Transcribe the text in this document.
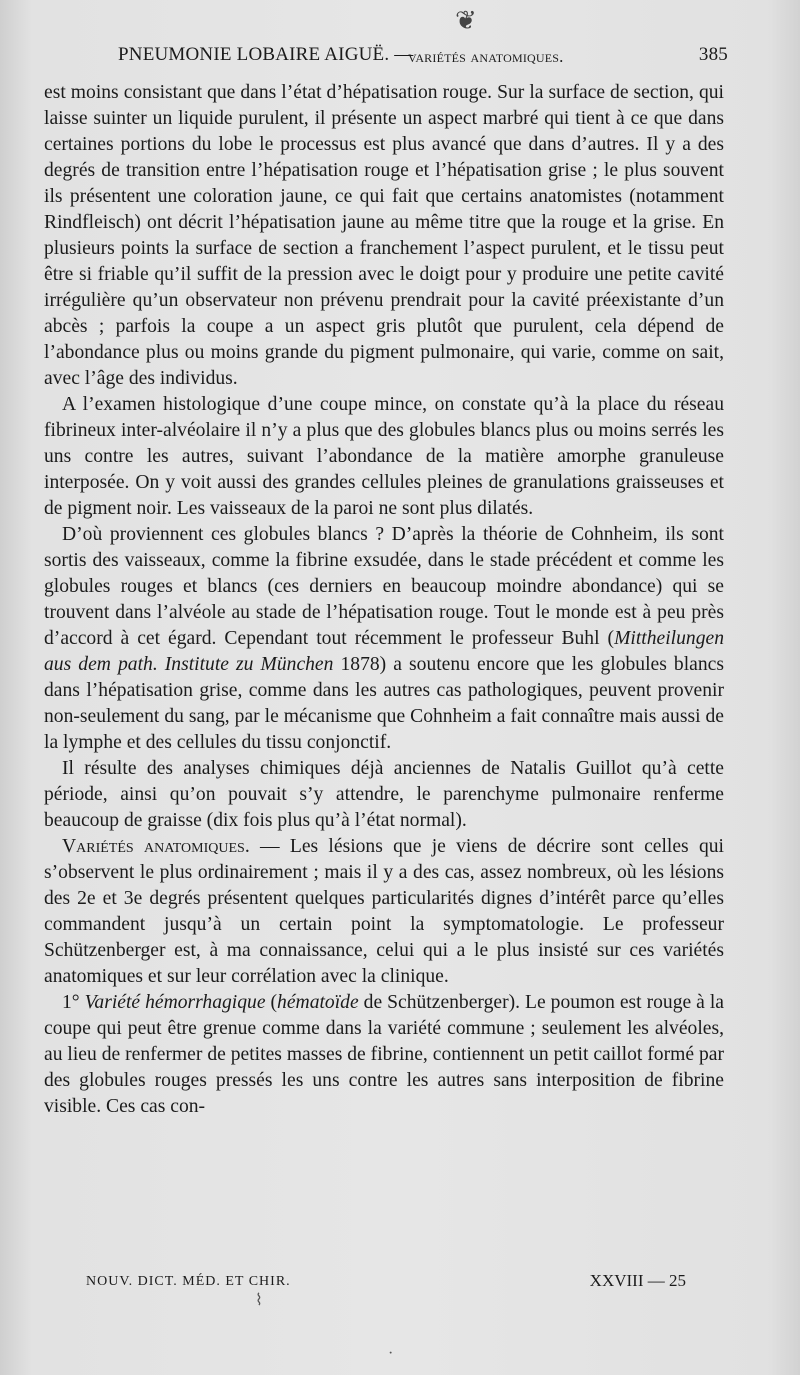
❦
PNEUMONIE LOBAIRE AIGUË. —
variétés anatomiques.	385

est moins consistant que dans l’état d’hépatisation rouge. Sur la surface de section, qui laisse suinter un liquide purulent, il présente un aspect marbré qui tient à ce que dans certaines portions du lobe le processus est plus avancé que dans d’autres. Il y a des degrés de transition entre l’hépatisation rouge et l’hépatisation grise ; le plus souvent ils présentent une coloration jaune, ce qui fait que certains anatomistes (notamment Rindfleisch) ont décrit l’hépatisation jaune au même titre que la rouge et la grise. En plusieurs points la surface de section a franchement l’aspect purulent, et le tissu peut être si friable qu’il suffit de la pression avec le doigt pour y produire une petite cavité irrégulière qu’un observateur non prévenu prendrait pour la cavité préexistante d’un abcès ; parfois la coupe a un aspect gris plutôt que purulent, cela dépend de l’abondance plus ou moins grande du pigment pulmonaire, qui varie, comme on sait, avec l’âge des individus.

A l’examen histologique d’une coupe mince, on constate qu’à la place du réseau fibrineux inter-alvéolaire il n’y a plus que des globules blancs plus ou moins serrés les uns contre les autres, suivant l’abondance de la matière amorphe granuleuse interposée. On y voit aussi des grandes cellules pleines de granulations graisseuses et de pigment noir. Les vaisseaux de la paroi ne sont plus dilatés.

D’où proviennent ces globules blancs ? D’après la théorie de Cohnheim, ils sont sortis des vaisseaux, comme la fibrine exsudée, dans le stade précédent et comme les globules rouges et blancs (ces derniers en beaucoup moindre abondance) qui se trouvent dans l’alvéole au stade de l’hépatisation rouge. Tout le monde est à peu près d’accord à cet égard. Cependant tout récemment le professeur Buhl (Mittheilungen aus dem path. Institute zu München 1878) a soutenu encore que les globules blancs dans l’hépatisation grise, comme dans les autres cas pathologiques, peuvent provenir non-seulement du sang, par le mécanisme que Cohnheim a fait connaître mais aussi de la lymphe et des cellules du tissu conjonctif.

Il résulte des analyses chimiques déjà anciennes de Natalis Guillot qu’à cette période, ainsi qu’on pouvait s’y attendre, le parenchyme pulmonaire renferme beaucoup de graisse (dix fois plus qu’à l’état normal).

Variétés anatomiques. — Les lésions que je viens de décrire sont celles qui s’observent le plus ordinairement ; mais il y a des cas, assez nombreux, où les lésions des 2e et 3e degrés présentent quelques particularités dignes d’intérêt parce qu’elles commandent jusqu’à un certain point la symptomatologie. Le professeur Schützenberger est, à ma connaissance, celui qui a le plus insisté sur ces variétés anatomiques et sur leur corrélation avec la clinique.

1° Variété hémorrhagique (hématoïde de Schützenberger). Le poumon est rouge à la coupe qui peut être grenue comme dans la variété commune ; seulement les alvéoles, au lieu de renfermer de petites masses de fibrine, contiennent un petit caillot formé par des globules rouges pressés les uns contre les autres sans interposition de fibrine visible. Ces cas con-

NOUV. DICT. MÉD. ET CHIR.	XXVIII — 25
⌇
·
